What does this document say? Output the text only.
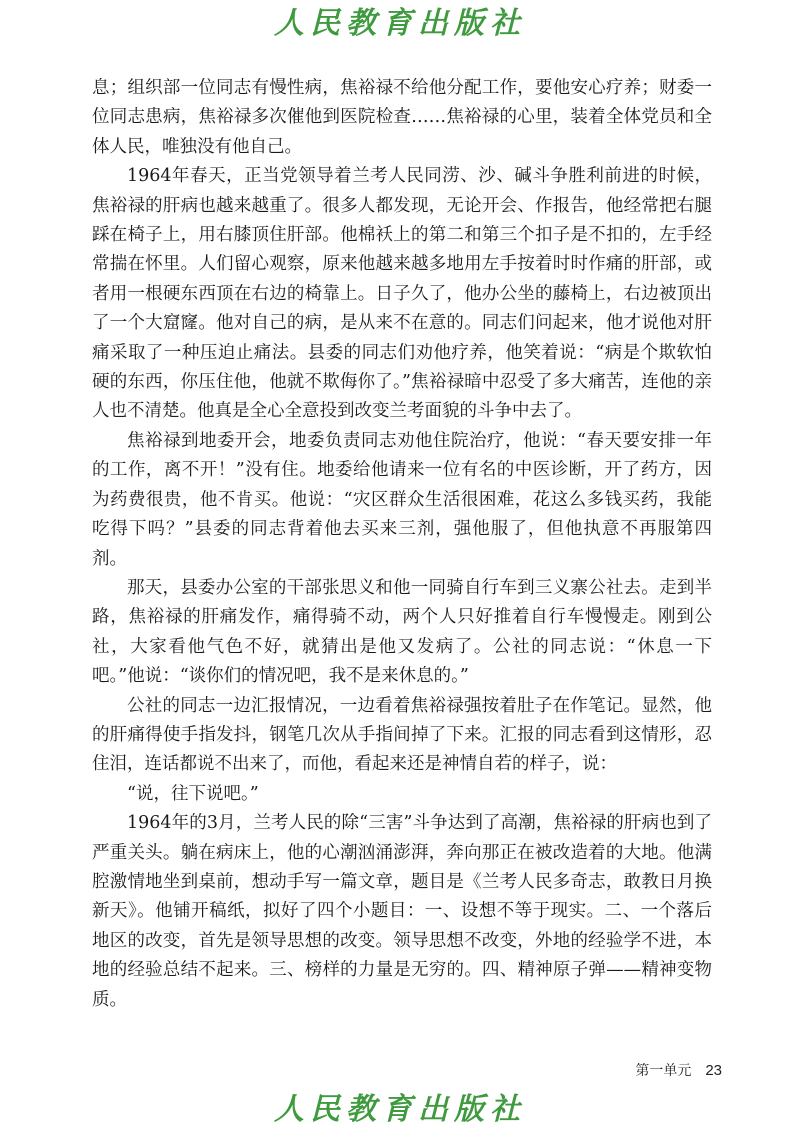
人民教育出版社

息；组织部一位同志有慢性病，焦裕禄不给他分配工作，要他安心疗养；财委一位同志患病，焦裕禄多次催他到医院检查……焦裕禄的心里，装着全体党员和全体人民，唯独没有他自己。

1964年春天，正当党领导着兰考人民同涝、沙、碱斗争胜利前进的时候，焦裕禄的肝病也越来越重了。很多人都发现，无论开会、作报告，他经常把右腿踩在椅子上，用右膝顶住肝部。他棉袄上的第二和第三个扣子是不扣的，左手经常揣在怀里。人们留心观察，原来他越来越多地用左手按着时时作痛的肝部，或者用一根硬东西顶在右边的椅靠上。日子久了，他办公坐的藤椅上，右边被顶出了一个大窟窿。他对自己的病，是从来不在意的。同志们问起来，他才说他对肝痛采取了一种压迫止痛法。县委的同志们劝他疗养，他笑着说：“病是个欺软怕硬的东西，你压住他，他就不欺侮你了。”焦裕禄暗中忍受了多大痛苦，连他的亲人也不清楚。他真是全心全意投到改变兰考面貌的斗争中去了。

焦裕禄到地委开会，地委负责同志劝他住院治疗，他说：“春天要安排一年的工作，离不开！”没有住。地委给他请来一位有名的中医诊断，开了药方，因为药费很贵，他不肯买。他说：“灾区群众生活很困难，花这么多钱买药，我能吃得下吗？”县委的同志背着他去买来三剂，强他服了，但他执意不再服第四剂。

那天，县委办公室的干部张思义和他一同骑自行车到三义寨公社去。走到半路，焦裕禄的肝痛发作，痛得骑不动，两个人只好推着自行车慢慢走。刚到公社，大家看他气色不好，就猜出是他又发病了。公社的同志说：“休息一下吧。”他说：“谈你们的情况吧，我不是来休息的。”

公社的同志一边汇报情况，一边看着焦裕禄强按着肚子在作笔记。显然，他的肝痛得使手指发抖，钢笔几次从手指间掉了下来。汇报的同志看到这情形，忍住泪，连话都说不出来了，而他，看起来还是神情自若的样子，说：

“说，往下说吧。”

1964年的3月，兰考人民的除“三害”斗争达到了高潮，焦裕禄的肝病也到了严重关头。躺在病床上，他的心潮汹涌澎湃，奔向那正在被改造着的大地。他满腔激情地坐到桌前，想动手写一篇文章，题目是《兰考人民多奇志，敢教日月换新天》。他铺开稿纸，拟好了四个小题目：一、设想不等于现实。二、一个落后地区的改变，首先是领导思想的改变。领导思想不改变，外地的经验学不进，本地的经验总结不起来。三、榜样的力量是无穷的。四、精神原子弹——精神变物质。

第一单元 23
人民教育出版社
